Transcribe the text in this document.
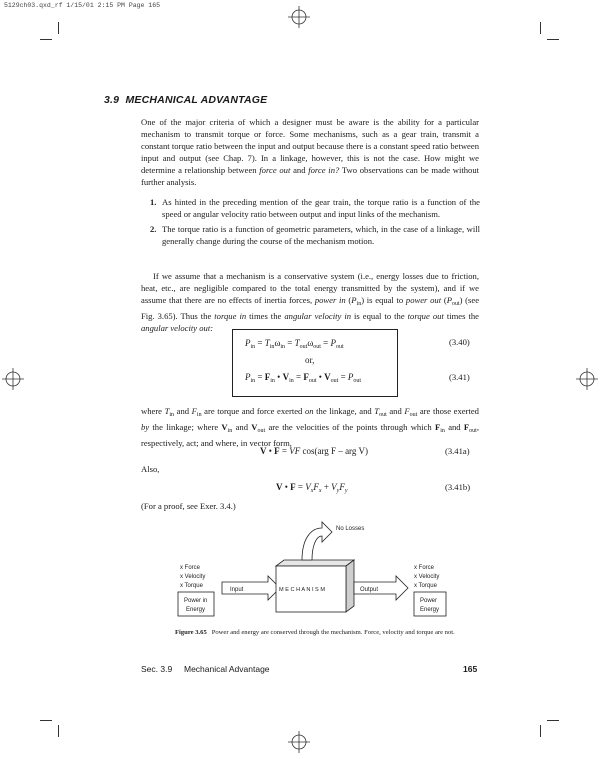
5129ch03.qxd_rf 1/15/01 2:15 PM Page 165
3.9 MECHANICAL ADVANTAGE

One of the major criteria of which a designer must be aware is the ability for a particular mechanism to transmit torque or force. Some mechanisms, such as a gear train, transmit a constant torque ratio between the input and output because there is a constant speed ratio between input and output (see Chap. 7). In a linkage, however, this is not the case. How might we determine a relationship between force out and force in? Two observations can be made without further analysis.

1. As hinted in the preceding mention of the gear train, the torque ratio is a function of the speed or angular velocity ratio between output and input links of the mechanism.
2. The torque ratio is a function of geometric parameters, which, in the case of a linkage, will generally change during the course of the mechanism motion.

If we assume that a mechanism is a conservative system (i.e., energy losses due to friction, heat, etc., are negligible compared to the total energy transmitted by the system), and if we assume that there are no effects of inertia forces, power in $(P_{in})$ is equal to power out $(P_{out})$ (see Fig. 3.65). Thus the torque in times the angular velocity in is equal to the torque out times the angular velocity out:

$P_{in} = T_{in}\omega_{in} = T_{out}\omega_{out} = P_{out}$
or,
$P_{in} = F_{in}$ • $V_{in} = F_{out}$ • $V_{out} = P_{out}$
(3.40)
(3.41)

where $T_{in}$ and $F_{in}$ are torque and force exerted on the linkage, and $T_{out}$ and $F_{out}$ are those exerted by the linkage; where $V_{in}$ and $V_{out}$ are the velocities of the points through which $F_{in}$ and $F_{out}$, respectively, act; and where, in vector form,

V • F = VF cos(arg F – arg V)	(3.41a)
Also,
V • $F = V_xF_x + V_yF_y$	(3.41b)
(For a proof, see Exer. 3.4.)
x Force
x Velocity
x Torque
Power in
Energy
Input	M E C H A N I S M
No Losses
Output
x Force
x Velocity
x Torque
Power
Energy
Figure 3.65 Power and energy are conserved through the mechanism. Force, velocity and torque are not.
Sec. 3.9 Mechanical Advantage	165
